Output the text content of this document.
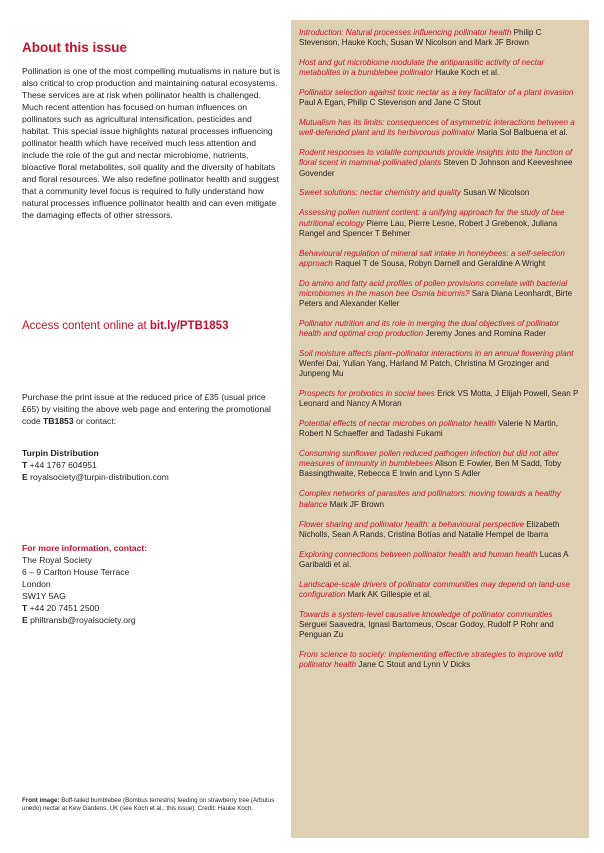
About this issue

Pollination is one of the most compelling mutualisms in nature but is also critical to crop production and maintaining natural ecosystems. These services are at risk when pollinator health is challenged. Much recent attention has focused on human influences on pollinators such as agricultural intensification, pesticides and habitat. This special issue highlights natural processes influencing pollinator health which have received much less attention and include the role of the gut and nectar microbiome, nutrients, bioactive floral metabolites, soil quality and the diversity of habitats and floral resources. We also redefine pollinator health and suggest that a community level focus is required to fully understand how natural processes influence pollinator health and can even mitigate the damaging effects of other stressors.

Access content online at bit.ly/PTB1853
Purchase the print issue at the reduced price of £35 (usual price £65) by visiting the above web page and entering the promotional code TB1853 or contact:
Turpin Distribution
T +44 1767 604951
E royalsociety@turpin-distribution.com
For more information, contact:
The Royal Society
6 – 9 Carlton House Terrace
London
SW1Y 5AG
T +44 20 7451 2500
E philtransb@royalsociety.org
Front image: Buff-tailed bumblebee (Bombus terrestris) feeding on strawberry tree (Arbutus unedo) nectar at Kew Gardens, UK (see Koch et al., this issue). Credit: Hauke Koch.
Introduction: Natural processes influencing pollinator health Philip C Stevenson, Hauke Koch, Susan W Nicolson and Mark JF Brown
Host and gut microbiome modulate the antiparasitic activity of nectar metabolites in a bumblebee pollinator Hauke Koch et al.
Pollinator selection against toxic nectar as a key facilitator of a plant invasion Paul A Egan, Philip C Stevenson and Jane C Stout
Mutualism has its limits: consequences of asymmetric interactions between a well-defended plant and its herbivorous pollinator Maria Sol Balbuena et al.
Rodent responses to volatile compounds provide insights into the function of floral scent in mammal-pollinated plants Steven D Johnson and Keeveshnee Govender
Sweet solutions: nectar chemistry and quality Susan W Nicolson
Assessing pollen nutrient content: a unifying approach for the study of bee nutritional ecology Pierre Lau, Pierre Lesne, Robert J Grebenok, Juliana Rangel and Spencer T Behmer
Behavioural regulation of mineral salt intake in honeybees: a self-selection approach Raquel T de Sousa, Robyn Darnell and Geraldine A Wright
Do amino and fatty acid profiles of pollen provisions correlate with bacterial microbiomes in the mason bee Osmia bicornis? Sara Diana Leonhardt, Birte Peters and Alexander Keller
Pollinator nutrition and its role in merging the dual objectives of pollinator health and optimal crop production Jeremy Jones and Romina Rader
Soil moisture affects plant–pollinator interactions in an annual flowering plant Wenfei Dai, Yulian Yang, Harland M Patch, Christina M Grozinger and Junpeng Mu
Prospects for probiotics in social bees Erick VS Motta, J Elijah Powell, Sean P Leonard and Nancy A Moran
Potential effects of nectar microbes on pollinator health Valerie N Martin, Robert N Schaeffer and Tadashi Fukami
Consuming sunflower pollen reduced pathogen infection but did not alter measures of immunity in bumblebees Alison E Fowler, Ben M Sadd, Toby Bassingthwaite, Rebecca E Irwin and Lynn S Adler
Complex networks of parasites and pollinators: moving towards a healthy balance Mark JF Brown
Flower sharing and pollinator health: a behavioural perspective Elizabeth Nicholls, Sean A Rands, Cristina Botías and Natalie Hempel de Ibarra
Exploring connections between pollinator health and human health Lucas A Garibaldi et al.
Landscape-scale drivers of pollinator communities may depend on land-use configuration Mark AK Gillespie et al.
Towards a system-level causative knowledge of pollinator communities Serguei Saavedra, Ignasi Bartomeus, Oscar Godoy, Rudolf P Rohr and Penguan Zu
From science to society: implementing effective strategies to improve wild pollinator health Jane C Stout and Lynn V Dicks
